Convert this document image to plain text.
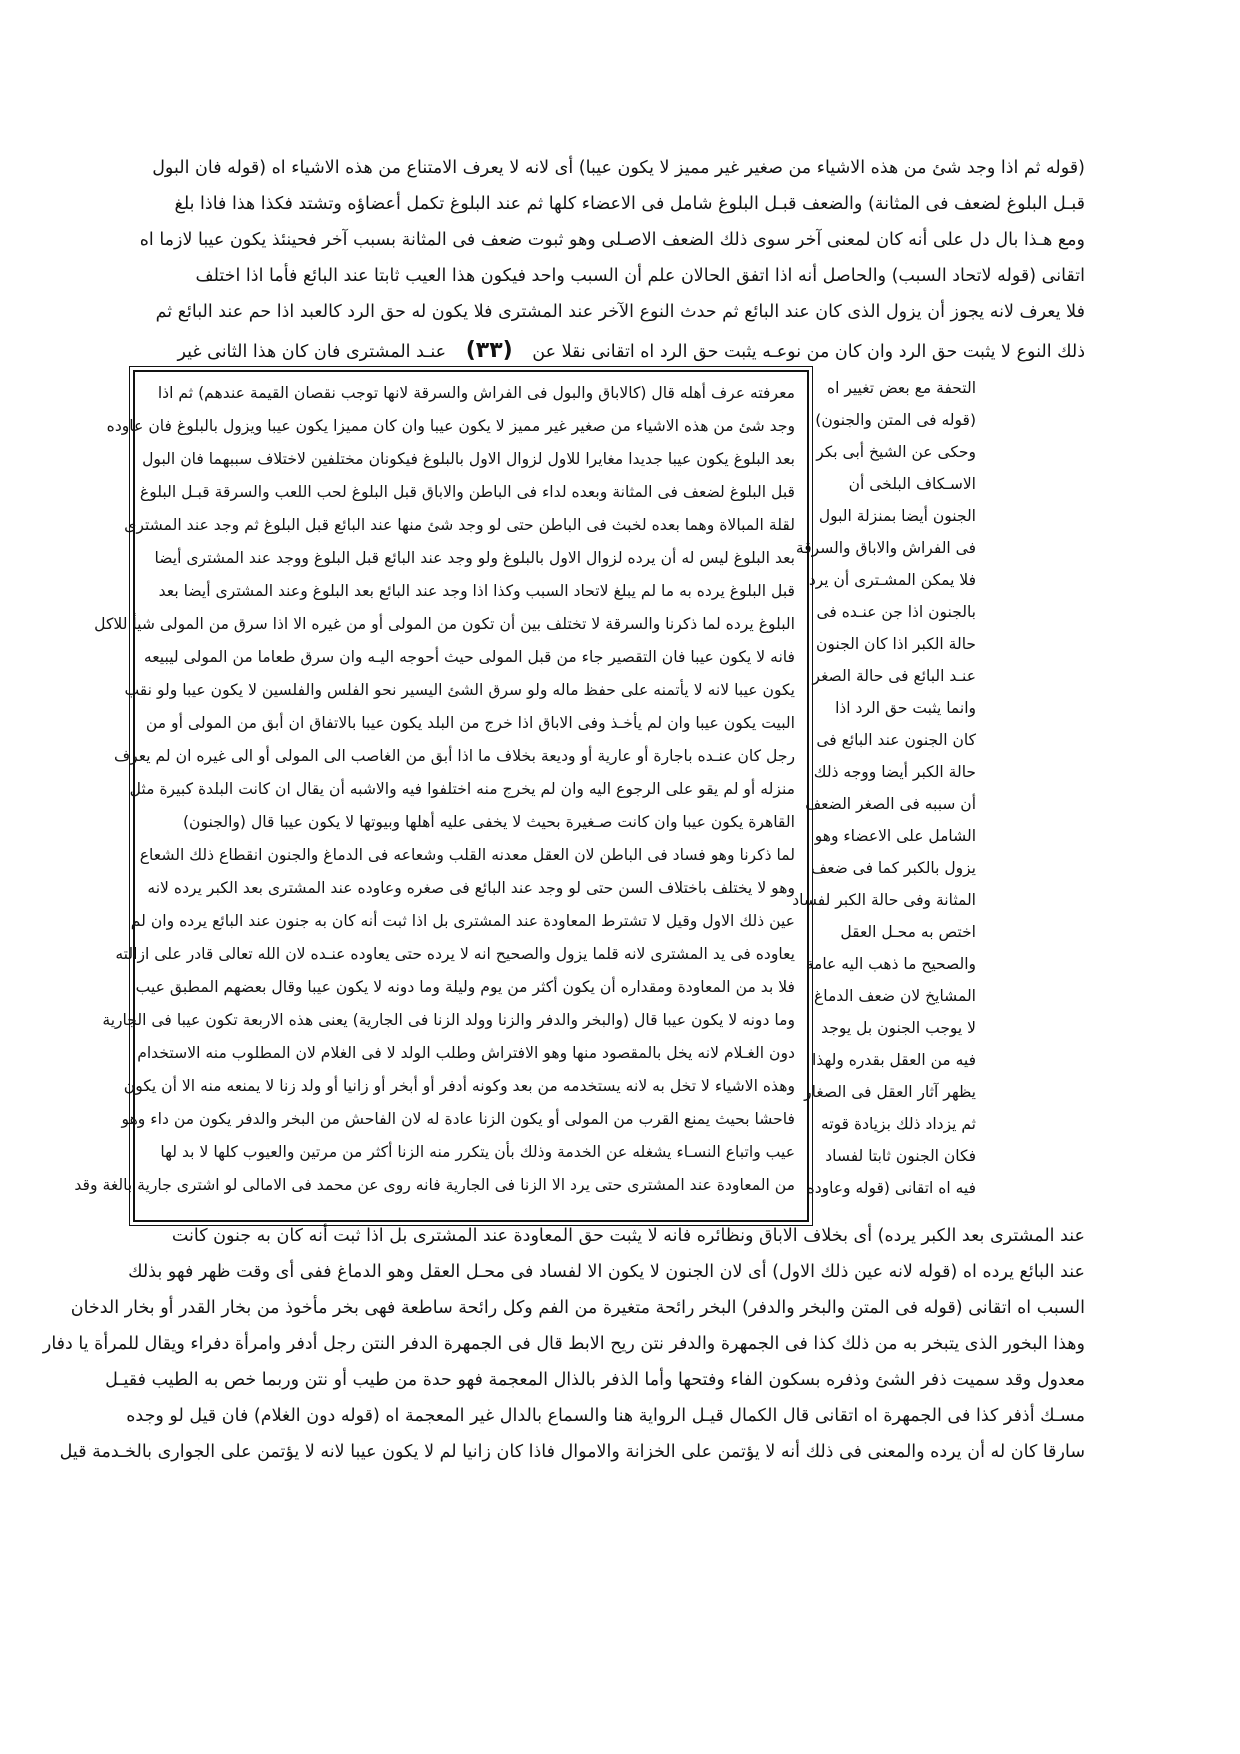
(قوله ثم اذا وجد شئ من هذه الاشياء من صغير غير مميز لا يكون عيبا) أى لانه لا يعرف الامتناع من هذه الاشياء اه (قوله فان البول
قبـل البلوغ لضعف فى المثانة) والضعف قبـل البلوغ شامل فى الاعضاء كلها ثم عند البلوغ تكمل أعضاؤه وتشتد فكذا هذا فاذا بلغ
ومع هـذا بال دل على أنه كان لمعنى آخر سوى ذلك الضعف الاصـلى وهو ثبوت ضعف فى المثانة بسبب آخر فحينئذ يكون عيبا لازما اه
اتقانى (قوله لاتحاد السبب) والحاصل أنه اذا اتفق الحالان علم أن السبب واحد فيكون هذا العيب ثابتا عند البائع فأما اذا اختلف
فلا يعرف لانه يجوز أن يزول الذى كان عند البائع ثم حدث النوع الآخر عند المشترى فلا يكون له حق الرد كالعبد اذا حم عند البائع ثم
ذلك النوع لا يثبت حق الرد وان كان من نوعـه يثبت حق الرد اه اتقانى نقلا عن (٣٣) عنـد المشترى فان كان هذا الثانى غير
معرفته عرف أهله قال (كالاباق والبول فى الفراش والسرقة لانها توجب نقصان القيمة عندهم) ثم اذا
وجد شئ من هذه الاشياء من صغير غير مميز لا يكون عيبا وان كان مميزا يكون عيبا ويزول بالبلوغ فان عاوده
بعد البلوغ يكون عيبا جديدا مغايرا للاول لزوال الاول بالبلوغ فيكونان مختلفين لاختلاف سببهما فان البول
قبل البلوغ لضعف فى المثانة وبعده لداء فى الباطن والاباق قبل البلوغ لحب اللعب والسرقة قبـل البلوغ
لقلة المبالاة وهما بعده لخبث فى الباطن حتى لو وجد شئ منها عند البائع قبل البلوغ ثم وجد عند المشترى
بعد البلوغ ليس له أن يرده لزوال الاول بالبلوغ ولو وجد عند البائع قبل البلوغ ووجد عند المشترى أيضا
قبل البلوغ يرده به ما لم يبلغ لاتحاد السبب وكذا اذا وجد عند البائع بعد البلوغ وعند المشترى أيضا بعد
البلوغ يرده لما ذكرنا والسرقة لا تختلف بين أن تكون من المولى أو من غيره الا اذا سرق من المولى شيأ للاكل
فانه لا يكون عيبا فان التقصير جاء من قبل المولى حيث أحوجه اليـه وان سرق طعاما من المولى ليبيعه
يكون عيبا لانه لا يأتمنه على حفظ ماله ولو سرق الشئ اليسير نحو الفلس والفلسين لا يكون عيبا ولو نقب
البيت يكون عيبا وان لم يأخـذ وفى الاباق اذا خرج من البلد يكون عيبا بالاتفاق ان أبق من المولى أو من
رجل كان عنـده باجارة أو عارية أو وديعة بخلاف ما اذا أبق من الغاصب الى المولى أو الى غيره ان لم يعرف
منزله أو لم يقو على الرجوع اليه وان لم يخرج منه اختلفوا فيه والاشبه أن يقال ان كانت البلدة كبيرة مثل
القاهرة يكون عيبا وان كانت صـغيرة بحيث لا يخفى عليه أهلها وبيوتها لا يكون عيبا قال (والجنون)
لما ذكرنا وهو فساد فى الباطن لان العقل معدنه القلب وشعاعه فى الدماغ والجنون انقطاع ذلك الشعاع
وهو لا يختلف باختلاف السن حتى لو وجد عند البائع فى صغره وعاوده عند المشترى بعد الكبر يرده لانه
عين ذلك الاول وقيل لا تشترط المعاودة عند المشترى بل اذا ثبت أنه كان به جنون عند البائع يرده وان لم
يعاوده فى يد المشترى لانه قلما يزول والصحيح انه لا يرده حتى يعاوده عنـده لان الله تعالى قادر على ازالته
فلا بد من المعاودة ومقداره أن يكون أكثر من يوم وليلة وما دونه لا يكون عيبا وقال بعضهم المطبق عيب
وما دونه لا يكون عيبا قال (والبخر والدفر والزنا وولد الزنا فى الجارية) يعنى هذه الاربعة تكون عيبا فى الجارية
دون الغـلام لانه يخل بالمقصود منها وهو الافتراش وطلب الولد لا فى الغلام لان المطلوب منه الاستخدام
وهذه الاشياء لا تخل به لانه يستخدمه من بعد وكونه أدفر أو أبخر أو زانيا أو ولد زنا لا يمنعه منه الا أن يكون
فاحشا بحيث يمنع القرب من المولى أو يكون الزنا عادة له لان الفاحش من البخر والدفر يكون من داء وهو
عيب واتباع النسـاء يشغله عن الخدمة وذلك بأن يتكرر منه الزنا أكثر من مرتين والعيوب كلها لا بد لها
من المعاودة عند المشترى حتى يرد الا الزنا فى الجارية فانه روى عن محمد فى الامالى لو اشترى جارية بالغة وقد
التحفة مع بعض تغيير اه
(قوله فى المتن والجنون)
وحكى عن الشيخ أبى بكر
الاسـكاف البلخى أن
الجنون أيضا بمنزلة البول
فى الفراش والاباق والسرقة
فلا يمكن المشـترى أن يرد
بالجنون اذا جن عنـده فى
حالة الكبر اذا كان الجنون
عنـد البائع فى حالة الصغر
وانما يثبت حق الرد اذا
كان الجنون عند البائع فى
حالة الكبر أيضا ووجه ذلك
أن سببه فى الصغر الضعف
الشامل على الاعضاء وهو
يزول بالكبر كما فى ضعف
المثانة وفى حالة الكبر لفساد
اختص به محـل العقل
والصحيح ما ذهب اليه عامة
المشايخ لان ضعف الدماغ
لا يوجب الجنون بل يوجد
فيه من العقل بقدره ولهذا
يظهر آثار العقل فى الصغار
ثم يزداد ذلك بزيادة قوته
فكان الجنون ثابتا لفساد
فيه اه اتقانى (قوله وعاوده
عند المشترى بعد الكبر يرده) أى بخلاف الاباق ونظائره فانه لا يثبت حق المعاودة عند المشترى بل اذا ثبت أنه كان به جنون كانت
عند البائع يرده اه (قوله لانه عين ذلك الاول) أى لان الجنون لا يكون الا لفساد فى محـل العقل وهو الدماغ ففى أى وقت ظهر فهو بذلك
السبب اه اتقانى (قوله فى المتن والبخر والدفر) البخر رائحة متغيرة من الفم وكل رائحة ساطعة فهى بخر مأخوذ من بخار القدر أو بخار الدخان
وهذا البخور الذى يتبخر به من ذلك كذا فى الجمهرة والدفر نتن ريح الابط قال فى الجمهرة الدفر النتن رجل أدفر وامرأة دفراء ويقال للمرأة يا دفار
معدول وقد سميت ذفر الشئ وذفره بسكون الفاء وفتحها وأما الذفر بالذال المعجمة فهو حدة من طيب أو نتن وربما خص به الطيب فقيـل
مسـك أذفر كذا فى الجمهرة اه اتقانى قال الكمال قيـل الرواية هنا والسماع بالدال غير المعجمة اه (قوله دون الغلام) فان قيل لو وجده
سارقا كان له أن يرده والمعنى فى ذلك أنه لا يؤتمن على الخزانة والاموال فاذا كان زانيا لم لا يكون عيبا لانه لا يؤتمن على الجوارى بالخـدمة قيل
